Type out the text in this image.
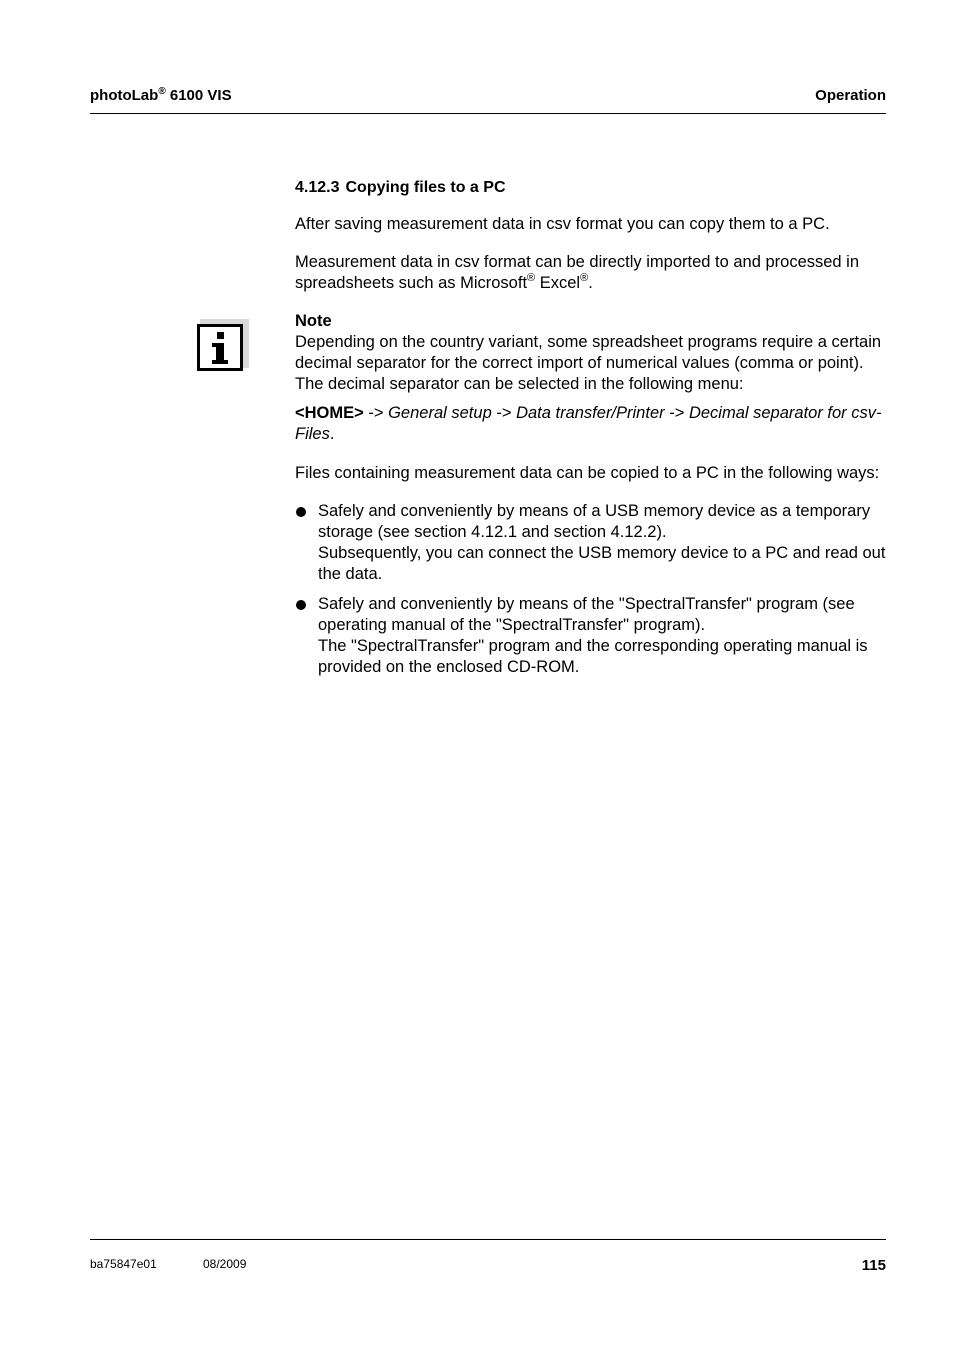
photoLab® 6100 VIS	Operation

4.12.3 Copying files to a PC

After saving measurement data in csv format you can copy them to a PC.

Measurement data in csv format can be directly imported to and processed in spreadsheets such as Microsoft® Excel®.

Note

Depending on the country variant, some spreadsheet programs require a certain decimal separator for the correct import of numerical values (comma or point). The decimal separator can be selected in the following menu:

<HOME> -> General setup -> Data transfer/Printer -> Decimal separator for csv-Files.

Files containing measurement data can be copied to a PC in the following ways:

Safely and conveniently by means of a USB memory device as a temporary storage (see section 4.12.1 and section 4.12.2).
Subsequently, you can connect the USB memory device to a PC and read out the data.
Safely and conveniently by means of the "SpectralTransfer" program (see operating manual of the "SpectralTransfer" program).
The "SpectralTransfer" program and the corresponding operating manual is provided on the enclosed CD-ROM.
ba75847e01	08/2009	115
